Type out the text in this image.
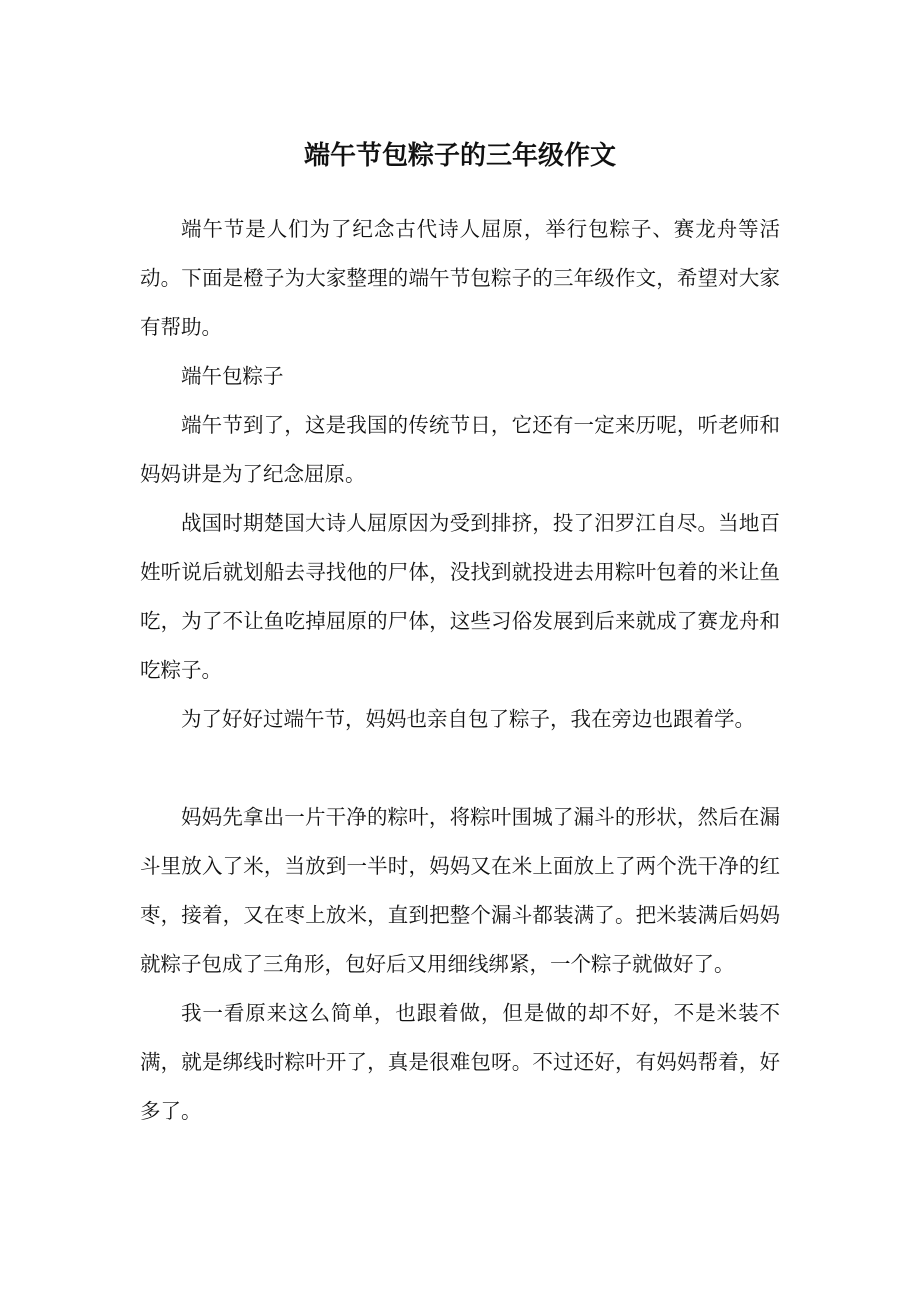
端午节包粽子的三年级作文

端午节是人们为了纪念古代诗人屈原，举行包粽子、赛龙舟等活动。下面是橙子为大家整理的端午节包粽子的三年级作文，希望对大家有帮助。

端午包粽子

端午节到了，这是我国的传统节日，它还有一定来历呢，听老师和妈妈讲是为了纪念屈原。

战国时期楚国大诗人屈原因为受到排挤，投了汨罗江自尽。当地百姓听说后就划船去寻找他的尸体，没找到就投进去用粽叶包着的米让鱼吃，为了不让鱼吃掉屈原的尸体，这些习俗发展到后来就成了赛龙舟和吃粽子。

为了好好过端午节，妈妈也亲自包了粽子，我在旁边也跟着学。

妈妈先拿出一片干净的粽叶，将粽叶围城了漏斗的形状，然后在漏斗里放入了米，当放到一半时，妈妈又在米上面放上了两个洗干净的红枣，接着，又在枣上放米，直到把整个漏斗都装满了。把米装满后妈妈就粽子包成了三角形，包好后又用细线绑紧，一个粽子就做好了。

我一看原来这么简单，也跟着做，但是做的却不好，不是米装不满，就是绑线时粽叶开了，真是很难包呀。不过还好，有妈妈帮着，好多了。
